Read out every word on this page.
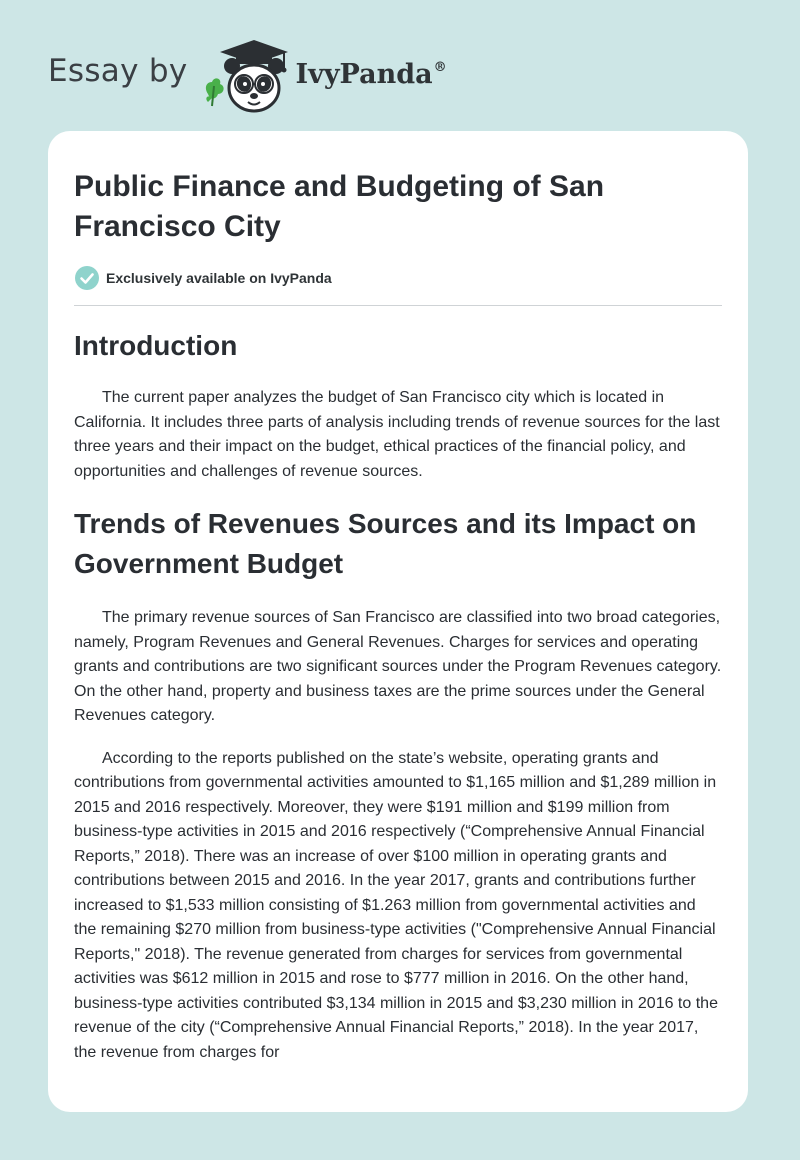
Essay by	IvyPanda®
Public Finance and Budgeting of San Francisco City
Exclusively available on IvyPanda
Introduction

The current paper analyzes the budget of San Francisco city which is located in California. It includes three parts of analysis including trends of revenue sources for the last three years and their impact on the budget, ethical practices of the financial policy, and opportunities and challenges of revenue sources.

Trends of Revenues Sources and its Impact on Government Budget

The primary revenue sources of San Francisco are classified into two broad categories, namely, Program Revenues and General Revenues. Charges for services and operating grants and contributions are two significant sources under the Program Revenues category. On the other hand, property and business taxes are the prime sources under the General Revenues category.

According to the reports published on the state’s website, operating grants and contributions from governmental activities amounted to $1,165 million and $1,289 million in 2015 and 2016 respectively. Moreover, they were $191 million and $199 million from business-type activities in 2015 and 2016 respectively (“Comprehensive Annual Financial Reports,” 2018). There was an increase of over $100 million in operating grants and contributions between 2015 and 2016. In the year 2017, grants and contributions further increased to $1,533 million consisting of $1.263 million from governmental activities and the remaining $270 million from business-type activities ("Comprehensive Annual Financial Reports," 2018). The revenue generated from charges for services from governmental activities was $612 million in 2015 and rose to $777 million in 2016. On the other hand, business-type activities contributed $3,134 million in 2015 and $3,230 million in 2016 to the revenue of the city (“Comprehensive Annual Financial Reports,” 2018). In the year 2017, the revenue from charges for
